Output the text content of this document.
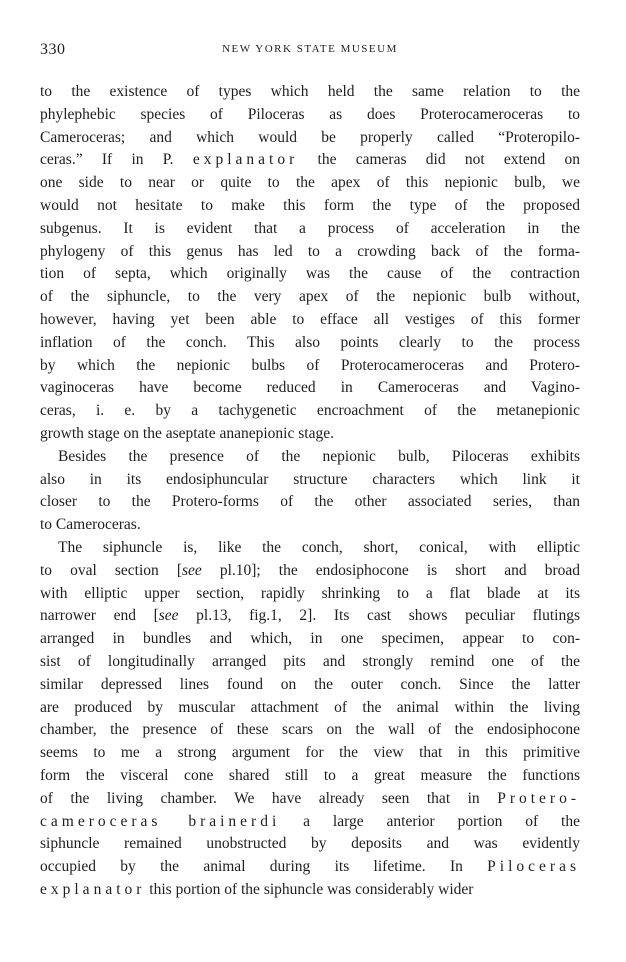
330	NEW YORK STATE MUSEUM
to the existence of types which held the same relation to the
phylephebic species of Piloceras as does Proterocameroceras to
Cameroceras; and which would be properly called “Proteropilo-
ceras.” If in P. explanator the cameras did not extend on
one side to near or quite to the apex of this nepionic bulb, we
would not hesitate to make this form the type of the proposed
subgenus. It is evident that a process of acceleration in the
phylogeny of this genus has led to a crowding back of the forma-
tion of septa, which originally was the cause of the contraction
of the siphuncle, to the very apex of the nepionic bulb without,
however, having yet been able to efface all vestiges of this former
inflation of the conch. This also points clearly to the process
by which the nepionic bulbs of Proterocameroceras and Protero-
vaginoceras have become reduced in Cameroceras and Vagino-
ceras, i. e. by a tachygenetic encroachment of the metanepionic
growth stage on the aseptate ananepionic stage.
Besides the presence of the nepionic bulb, Piloceras exhibits
also in its endosiphuncular structure characters which link it
closer to the Protero-forms of the other associated series, than
to Cameroceras.
The siphuncle is, like the conch, short, conical, with elliptic
to oval section [see pl.10]; the endosiphocone is short and broad
with elliptic upper section, rapidly shrinking to a flat blade at its
narrower end [see pl.13, fig.1, 2]. Its cast shows peculiar flutings
arranged in bundles and which, in one specimen, appear to con-
sist of longitudinally arranged pits and strongly remind one of the
similar depressed lines found on the outer conch. Since the latter
are produced by muscular attachment of the animal within the living
chamber, the presence of these scars on the wall of the endosiphocone
seems to me a strong argument for the view that in this primitive
form the visceral cone shared still to a great measure the functions
of the living chamber. We have already seen that in Protero-
cameroceras brainerdi a large anterior portion of the
siphuncle remained unobstructed by deposits and was evidently
occupied by the animal during its lifetime. In Piloceras
explanator this portion of the siphuncle was considerably wider
